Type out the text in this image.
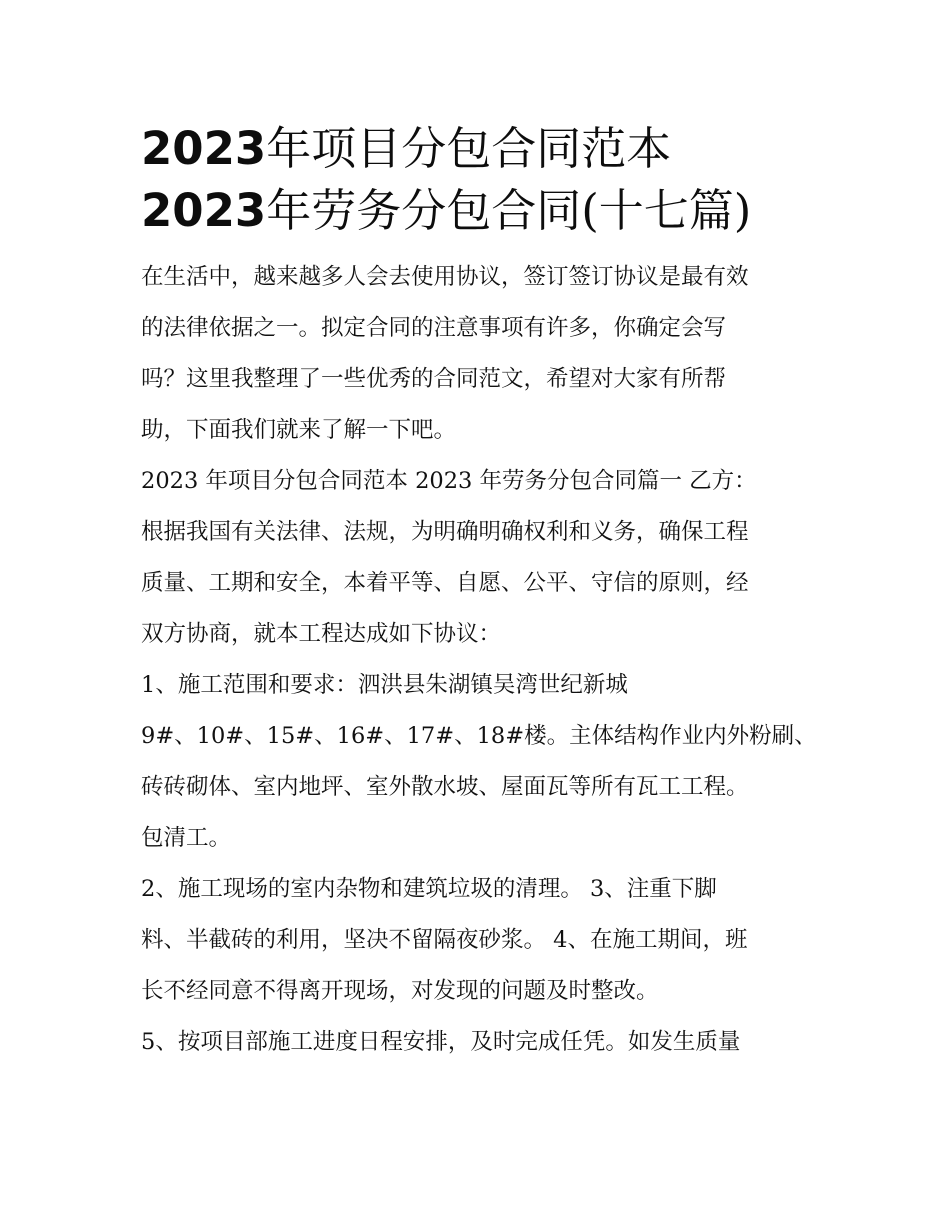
2023年项目分包合同范本
2023年劳务分包合同(十七篇)

在生活中，越来越多人会去使用协议，签订签订协议是最有效
的法律依据之一。拟定合同的注意事项有许多，你确定会写
吗？这里我整理了一些优秀的合同范文，希望对大家有所帮
助，下面我们就来了解一下吧。

2023 年项目分包合同范本 2023 年劳务分包合同篇一 乙方：

根据我国有关法律、法规，为明确明确权利和义务，确保工程
质量、工期和安全，本着平等、自愿、公平、守信的原则，经
双方协商，就本工程达成如下协议：

1、施工范围和要求：泗洪县朱湖镇吴湾世纪新城
9#、10#、15#、16#、17#、18#楼。主体结构作业内外粉刷、
砖砖砌体、室内地坪、室外散水坡、屋面瓦等所有瓦工工程。
包清工。

2、施工现场的室内杂物和建筑垃圾的清理。 3、注重下脚
料、半截砖的利用，坚决不留隔夜砂浆。 4、在施工期间，班
长不经同意不得离开现场，对发现的问题及时整改。

5、按项目部施工进度日程安排，及时完成任凭。如发生质量
